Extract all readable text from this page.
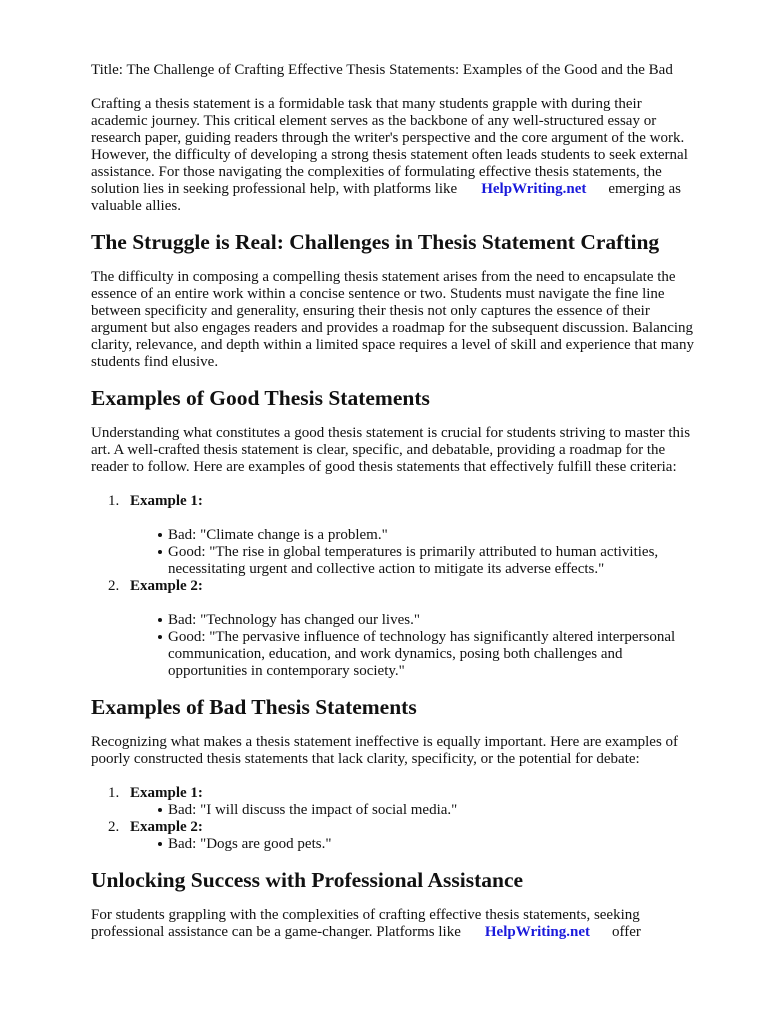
Title: The Challenge of Crafting Effective Thesis Statements: Examples of the Good and the Bad

Crafting a thesis statement is a formidable task that many students grapple with during their

academic journey. This critical element serves as the backbone of any well-structured essay or

research paper, guiding readers through the writer's perspective and the core argument of the work.

However, the difficulty of developing a strong thesis statement often leads students to seek external

assistance. For those navigating the complexities of formulating effective thesis statements, the

solution lies in seeking professional help, with platforms like HelpWriting.net emerging as

valuable allies.

The Struggle is Real: Challenges in Thesis Statement Crafting

The difficulty in composing a compelling thesis statement arises from the need to encapsulate the

essence of an entire work within a concise sentence or two. Students must navigate the fine line

between specificity and generality, ensuring their thesis not only captures the essence of their

argument but also engages readers and provides a roadmap for the subsequent discussion. Balancing

clarity, relevance, and depth within a limited space requires a level of skill and experience that many

students find elusive.

Examples of Good Thesis Statements

Understanding what constitutes a good thesis statement is crucial for students striving to master this

art. A well-crafted thesis statement is clear, specific, and debatable, providing a roadmap for the

reader to follow. Here are examples of good thesis statements that effectively fulfill these criteria:

1. Example 1:
Bad: "Climate change is a problem."
Good: "The rise in global temperatures is primarily attributed to human activities,
necessitating urgent and collective action to mitigate its adverse effects."
2. Example 2:
Bad: "Technology has changed our lives."
Good: "The pervasive influence of technology has significantly altered interpersonal
communication, education, and work dynamics, posing both challenges and
opportunities in contemporary society."
Examples of Bad Thesis Statements

Recognizing what makes a thesis statement ineffective is equally important. Here are examples of

poorly constructed thesis statements that lack clarity, specificity, or the potential for debate:

1. Example 1:
Bad: "I will discuss the impact of social media."
2. Example 2:
Bad: "Dogs are good pets."
Unlocking Success with Professional Assistance

For students grappling with the complexities of crafting effective thesis statements, seeking

professional assistance can be a game-changer. Platforms like HelpWriting.net offer
